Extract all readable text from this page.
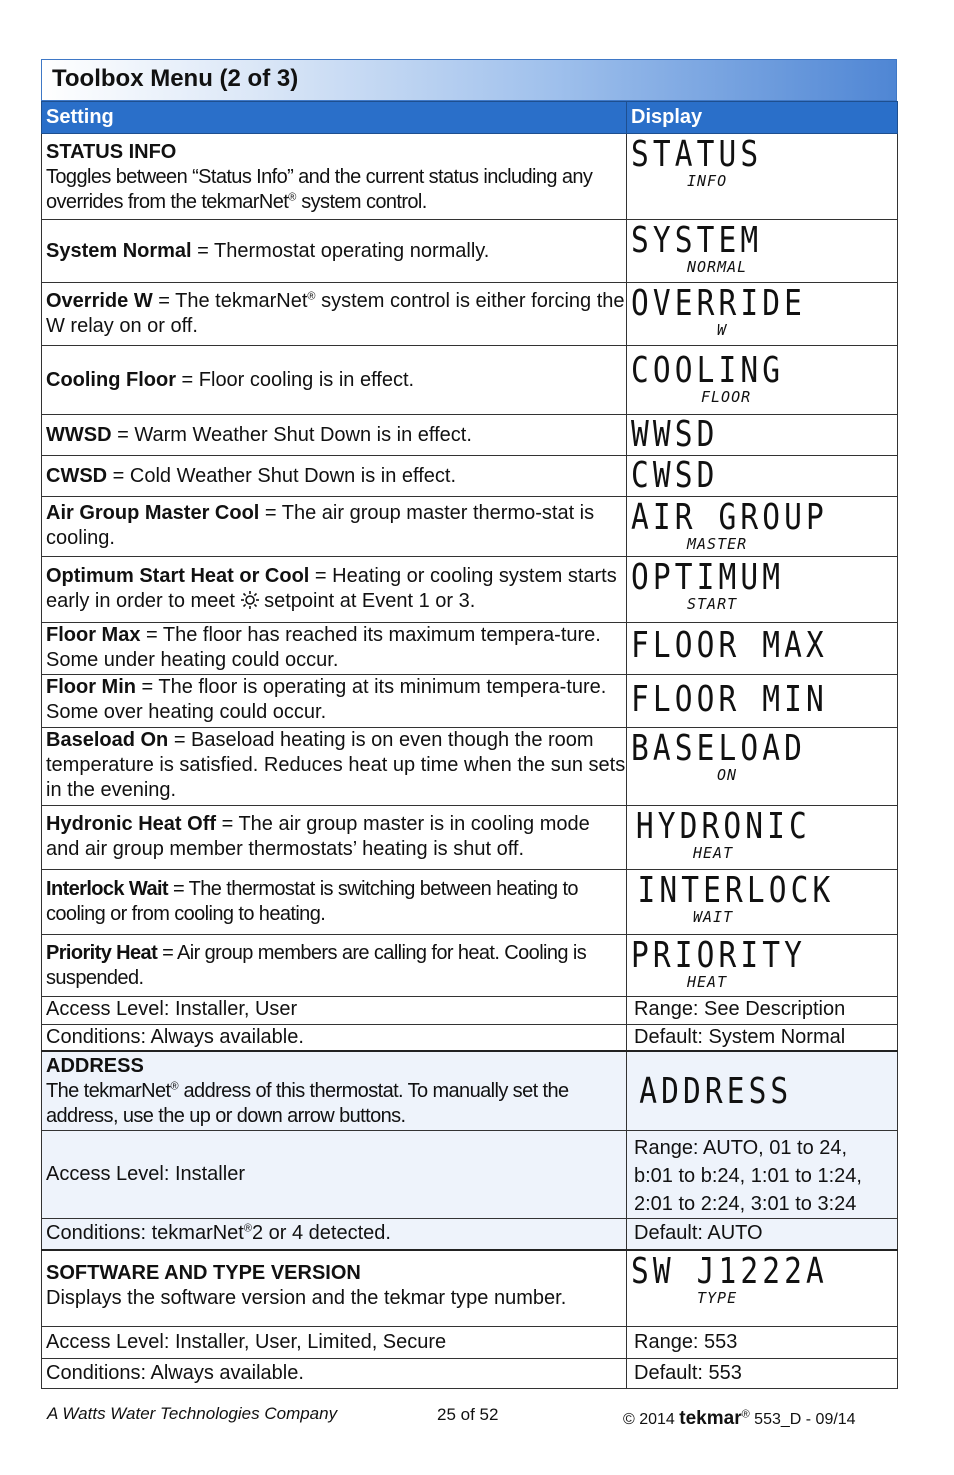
Toolbox Menu (2 of 3)
Setting	Display

STATUS INFO
Toggles between “Status Info” and the current status including any overrides from the tekmarNet® system control.	STATUS
INFO

System Normal = Thermostat operating normally.	SYSTEM
NORMAL

Override W = The tekmarNet® system control is either forcing the W relay on or off.	OVERRIDE
W

Cooling Floor = Floor cooling is in effect.	COOLING
FLOOR

WWSD = Warm Weather Shut Down is in effect.	WWSD

CWSD = Cold Weather Shut Down is in effect.	CWSD

Air Group Master Cool = The air group master thermo-stat is cooling.	AIR GROUP
MASTER

Optimum Start Heat or Cool = Heating or cooling system starts early in order to meet  setpoint at Event 1 or 3.	OPTIMUM
START

Floor Max = The floor has reached its maximum tempera-ture. Some under heating could occur.	FLOOR MAX

Floor Min = The floor is operating at its minimum tempera-ture. Some over heating could occur.	FLOOR MIN

Baseload On = Baseload heating is on even though the room temperature is satisfied. Reduces heat up time when the sun sets in the evening.	BASELOAD
ON

Hydronic Heat Off = The air group master is in cooling mode and air group member thermostats’ heating is shut off.	HYDRONIC
HEAT

Interlock Wait = The thermostat is switching between heating to cooling or from cooling to heating.	INTERLOCK
WAIT

Priority Heat = Air group members are calling for heat. Cooling is suspended.	PRIORITY
HEAT

Access Level: Installer, User	Range: See Description
Conditions: Always available.	Default: System Normal

ADDRESS
The tekmarNet® address of this thermostat. To manually set the address, use the up or down arrow buttons.	ADDRESS

Access Level: Installer	Range: AUTO, 01 to 24,
b:01 to b:24, 1:01 to 1:24,
2:01 to 2:24, 3:01 to 3:24

Conditions: tekmarNet®2 or 4 detected.	Default: AUTO

SOFTWARE AND TYPE VERSION
Displays the software version and the tekmar type number.	SW J1222A
TYPE

Access Level: Installer, User, Limited, Secure	Range: 553
Conditions: Always available.	Default: 553
A Watts Water Technologies Company	25 of 52	© 2014 tekmar® 553_D - 09/14
